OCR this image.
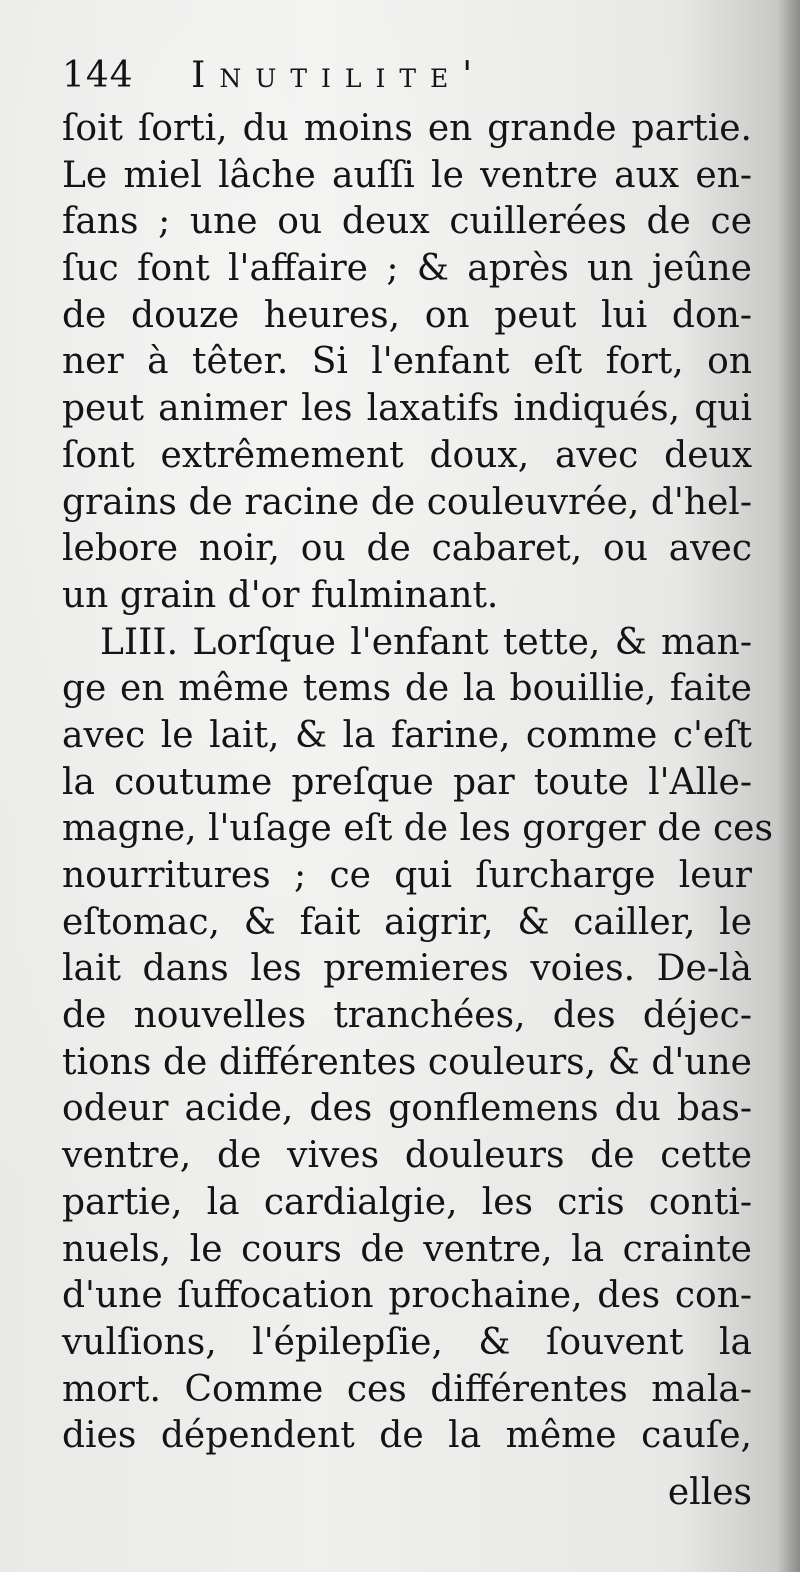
144 Inutilite'
ſoit ſorti, du moins en grande partie.
Le miel lâche auſſi le ventre aux en-
fans ; une ou deux cuillerées de ce
ſuc font l'affaire ; & après un jeûne
de douze heures, on peut lui don-
ner à têter. Si l'enfant eſt fort, on
peut animer les laxatifs indiqués, qui
ſont extrêmement doux, avec deux
grains de racine de couleuvrée, d'hel-
lebore noir, ou de cabaret, ou avec
un grain d'or fulminant.
LIII. Lorſque l'enfant tette, & man-
ge en même tems de la bouillie, faite
avec le lait, & la farine, comme c'eſt
la coutume preſque par toute l'Alle-
magne, l'uſage eſt de les gorger de ces
nourritures ; ce qui ſurcharge leur
eſtomac, & fait aigrir, & cailler, le
lait dans les premieres voies. De-là
de nouvelles tranchées, des déjec-
tions de différentes couleurs, & d'une
odeur acide, des gonflemens du bas-
ventre, de vives douleurs de cette
partie, la cardialgie, les cris conti-
nuels, le cours de ventre, la crainte
d'une ſuffocation prochaine, des con-
vulſions, l'épilepſie, & ſouvent la
mort. Comme ces différentes mala-
dies dépendent de la même cauſe,
elles
